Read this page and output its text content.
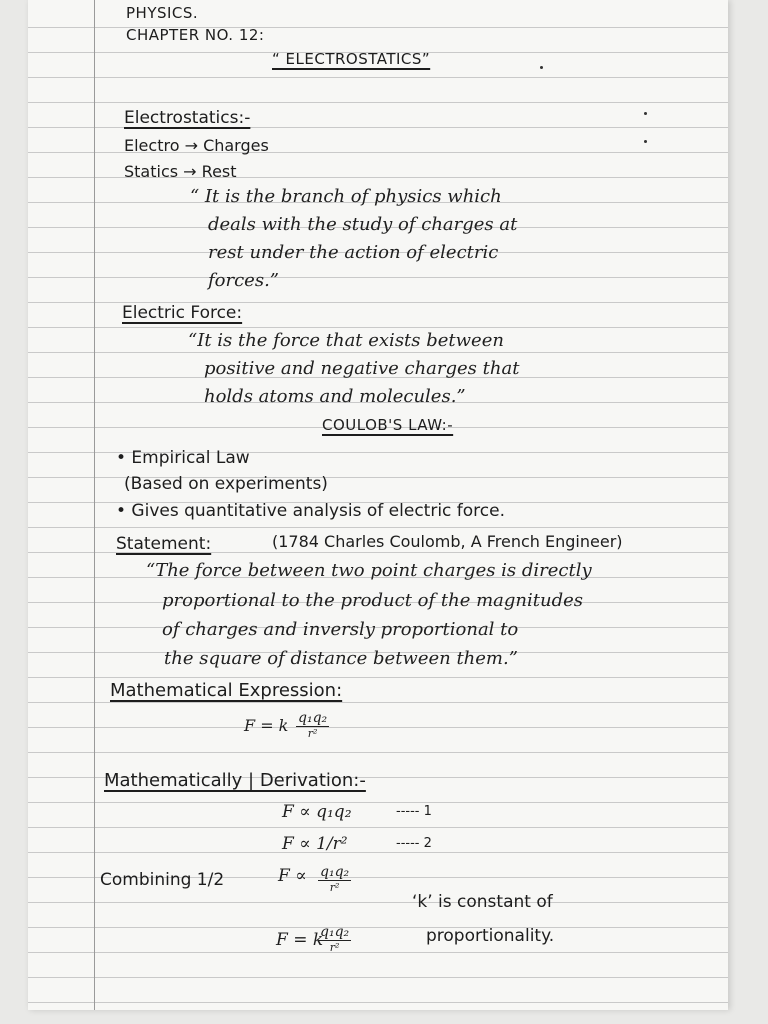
PHYSICS.
CHAPTER NO. 12:
“ ELECTROSTATICS”
Electrostatics:-
Electro → Charges
Statics → Rest
“ It is the branch of physics which
deals with the study of charges at
rest under the action of electric
forces.”
Electric Force:
“It is the force that exists between
positive and negative charges that
holds atoms and molecules.”
COULOB'S LAW:-
• Empirical Law
(Based on experiments)
• Gives quantitative analysis of electric force.
Statement:	(1784 Charles Coulomb, A French Engineer)
“The force between two point charges is directly
proportional to the product of the magnitudes
of charges and inversly proportional to
the square of distance between them.”
Mathematical Expression:
F = k q₁q₂
r²
Mathematically | Derivation:-
F ∝ q₁q₂	----- 1
F ∝ 1/r²	----- 2
Combining 1/2	F ∝ q₁q₂
r²
‘k’ is constant of
F = k
q₁q₂
r²
proportionality.
